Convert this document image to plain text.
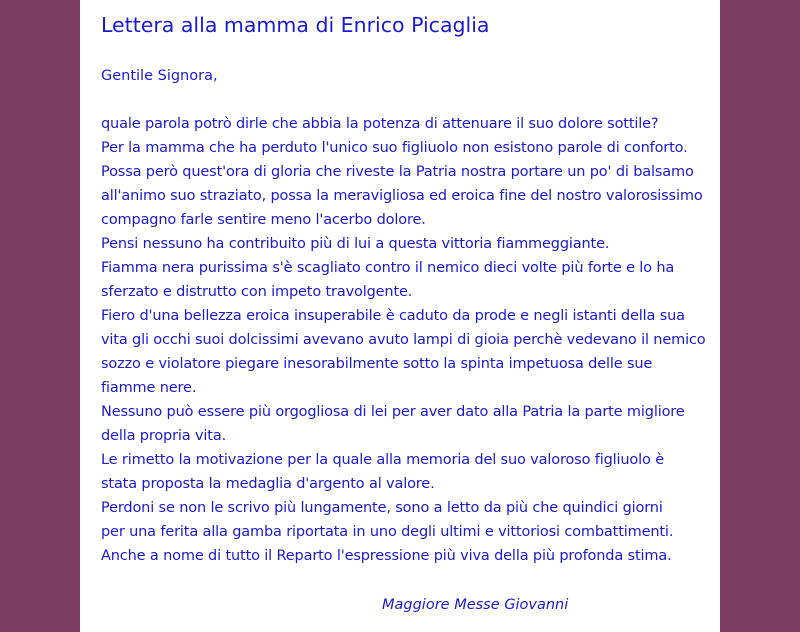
Lettera alla mamma di Enrico Picaglia
Gentile Signora,
quale parola potrò dirle che abbia la potenza di attenuare il suo dolore sottile?
Per la mamma che ha perduto l'unico suo figliuolo non esistono parole di conforto.
Possa però quest'ora di gloria che riveste la Patria nostra portare un po' di balsamo
all'animo suo straziato, possa la meravigliosa ed eroica fine del nostro valorosissimo
compagno farle sentire meno l'acerbo dolore.
Pensi nessuno ha contribuito più di lui a questa vittoria fiammeggiante.
Fiamma nera purissima s'è scagliato contro il nemico dieci volte più forte e lo ha
sferzato e distrutto con impeto travolgente.
Fiero d'una bellezza eroica insuperabile è caduto da prode e negli istanti della sua
vita gli occhi suoi dolcissimi avevano avuto lampi di gioia perchè vedevano il nemico
sozzo e violatore piegare inesorabilmente sotto la spinta impetuosa delle sue
fiamme nere.
Nessuno può essere più orgogliosa di lei per aver dato alla Patria la parte migliore
della propria vita.
Le rimetto la motivazione per la quale alla memoria del suo valoroso figliuolo è
stata proposta la medaglia d'argento al valore.
Perdoni se non le scrivo più lungamente, sono a letto da più che quindici giorni
per una ferita alla gamba riportata in uno degli ultimi e vittoriosi combattimenti.
Anche a nome di tutto il Reparto l'espressione più viva della più profonda stima.
Maggiore Messe Giovanni
